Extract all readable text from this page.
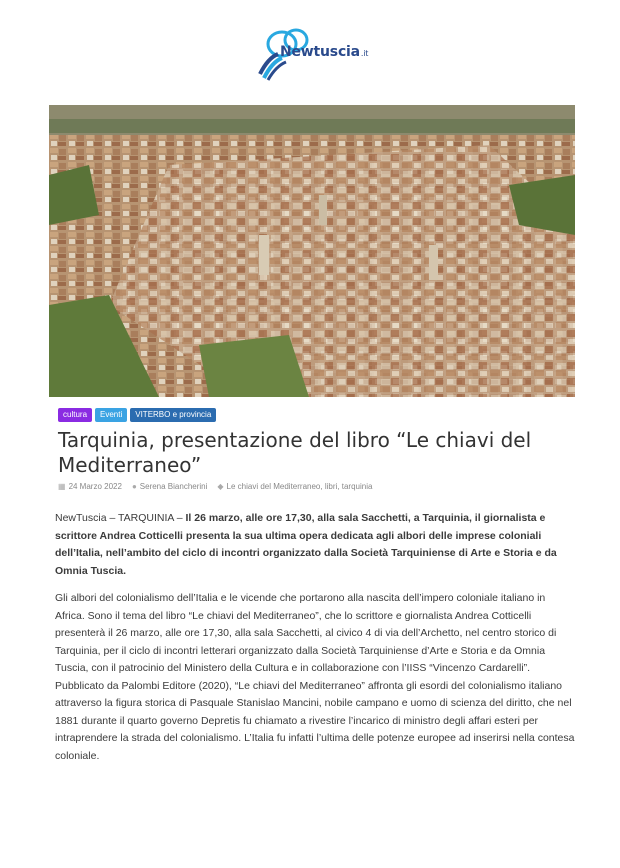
Newtuscia.it
cultura	Eventi	VITERBO e provincia
Tarquinia, presentazione del libro “Le chiavi del Mediterraneo”
▦ 24 Marzo 2022 ● Serena Biancherini ◆ Le chiavi del Mediterraneo, libri, tarquinia

NewTuscia – TARQUINIA – Il 26 marzo, alle ore 17,30, alla sala Sacchetti, a Tarquinia, il giornalista e scrittore Andrea Cotticelli presenta la sua ultima opera dedicata agli albori delle imprese coloniali dell’Italia, nell’ambito del ciclo di incontri organizzato dalla Società Tarquiniense di Arte e Storia e da Omnia Tuscia.

Gli albori del colonialismo dell’Italia e le vicende che portarono alla nascita dell’impero coloniale italiano in Africa. Sono il tema del libro “Le chiavi del Mediterraneo”, che lo scrittore e giornalista Andrea Cotticelli presenterà il 26 marzo, alle ore 17,30, alla sala Sacchetti, al civico 4 di via dell’Archetto, nel centro storico di Tarquinia, per il ciclo di incontri letterari organizzato dalla Società Tarquiniense d’Arte e Storia e da Omnia Tuscia, con il patrocinio del Ministero della Cultura e in collaborazione con l’IISS “Vincenzo Cardarelli”.

Pubblicato da Palombi Editore (2020), “Le chiavi del Mediterraneo” affronta gli esordi del colonialismo italiano attraverso la figura storica di Pasquale Stanislao Mancini, nobile campano e uomo di scienza del diritto, che nel 1881 durante il quarto governo Depretis fu chiamato a rivestire l’incarico di ministro degli affari esteri per intraprendere la strada del colonialismo. L’Italia fu infatti l’ultima delle potenze europee ad inserirsi nella contesa coloniale.
